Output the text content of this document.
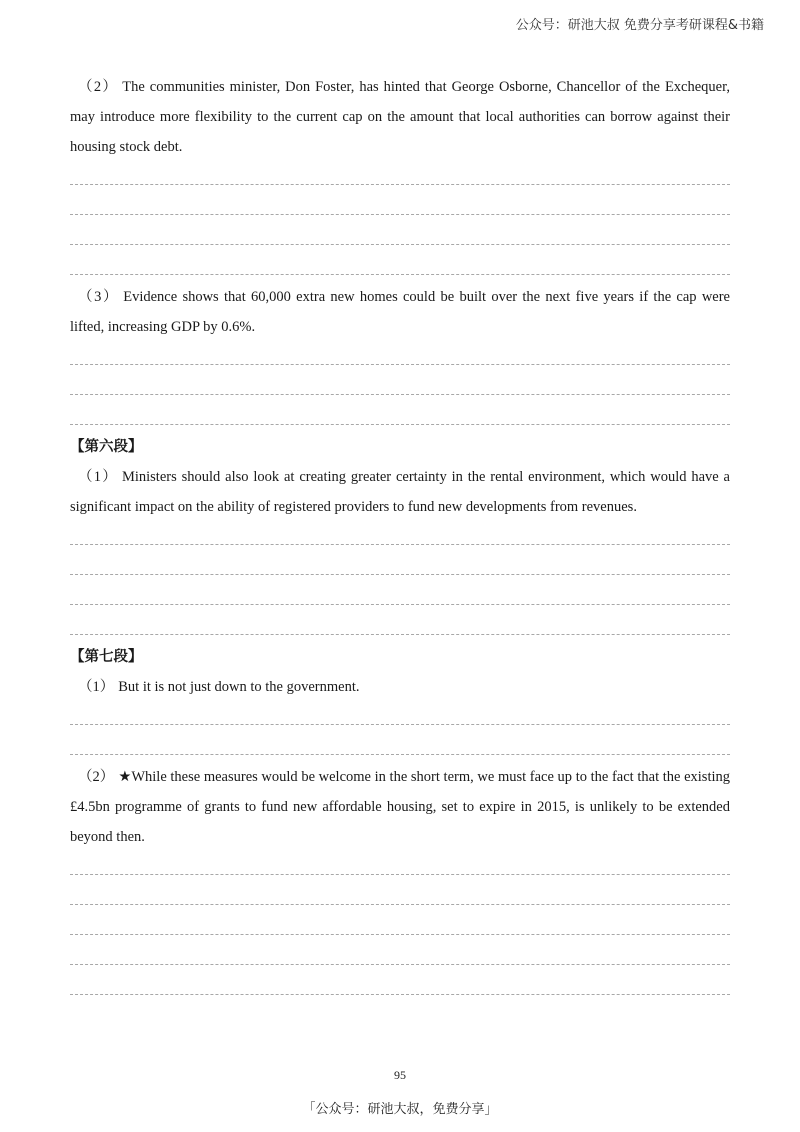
公众号：研池大叔 免费分享考研课程&书籍

（2） The communities minister, Don Foster, has hinted that George Osborne, Chancellor of the Exchequer, may introduce more flexibility to the current cap on the amount that local authorities can borrow against their housing stock debt.

（3） Evidence shows that 60,000 extra new homes could be built over the next five years if the cap were lifted, increasing GDP by 0.6%.

【第六段】

（1） Ministers should also look at creating greater certainty in the rental environment, which would have a significant impact on the ability of registered providers to fund new developments from revenues.

【第七段】

（1） But it is not just down to the government.

（2） ★While these measures would be welcome in the short term, we must face up to the fact that the existing £4.5bn programme of grants to fund new affordable housing, set to expire in 2015, is unlikely to be extended beyond then.

95
「公众号：研池大叔，免费分享」
